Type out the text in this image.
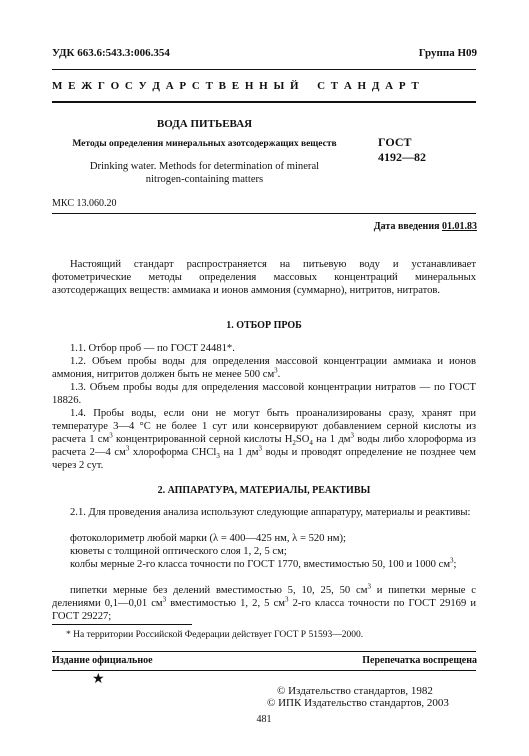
УДК 663.6:543.3:006.354	Группа Н09
М Е Ж Г О С У Д А Р С Т В Е Н Н Ы Й    С Т А Н Д А Р Т
ВОДА ПИТЬЕВАЯ
Методы определения минеральных азотсодержащих веществ
Drinking water. Methods for determination of mineral
nitrogen-containing matters
ГОСТ
4192—82
МКС 13.060.20
Дата введения 01.01.83

Настоящий стандарт распространяется на питьевую воду и устанавливает фотометрические методы определения массовых концентраций минеральных азотсодержащих веществ: аммиака и ионов аммония (суммарно), нитритов, нитратов.

1. ОТБОР ПРОБ

1.1. Отбор проб — по ГОСТ 24481*.

1.2. Объем пробы воды для определения массовой концентрации аммиака и ионов аммония, нитритов должен быть не менее 500 $см^3$.

1.3. Объем пробы воды для определения массовой концентрации нитратов — по ГОСТ 18826.

1.4. Пробы воды, если они не могут быть проанализированы сразу, хранят при температуре 3—4 °С не более 1 сут или консервируют добавлением серной кислоты из расчета 1 $см^3$ концентрированной серной кислоты $H_2SO_4$ на 1 $дм^3$ воды либо хлороформа из расчета 2—4 $см^3$ хлороформа CHCl$_3$ на 1 $дм^3$ воды и проводят определение не позднее чем через 2 сут.

2. АППАРАТУРА, МАТЕРИАЛЫ, РЕАКТИВЫ

2.1. Для проведения анализа используют следующие аппаратуру, материалы и реактивы:

фотоколориметр любой марки (λ = 400—425 нм, λ = 520 нм);

кюветы с толщиной оптического слоя 1, 2, 5 см;

колбы мерные 2-го класса точности по ГОСТ 1770, вместимостью 50, 100 и 1000 $см^3$;

пипетки мерные без делений вместимостью 5, 10, 25, 50 $см^3$ и пипетки мерные с делениями 0,1—0,01 $см^3$ вместимостью 1, 2, 5 $см^3$ 2-го класса точности по ГОСТ 29169 и ГОСТ 29227;

* На территории Российской Федерации действует ГОСТ Р 51593—2000.
Издание официальное	Перепечатка воспрещена
★
© Издательство стандартов, 1982
© ИПК Издательство стандартов, 2003
481
